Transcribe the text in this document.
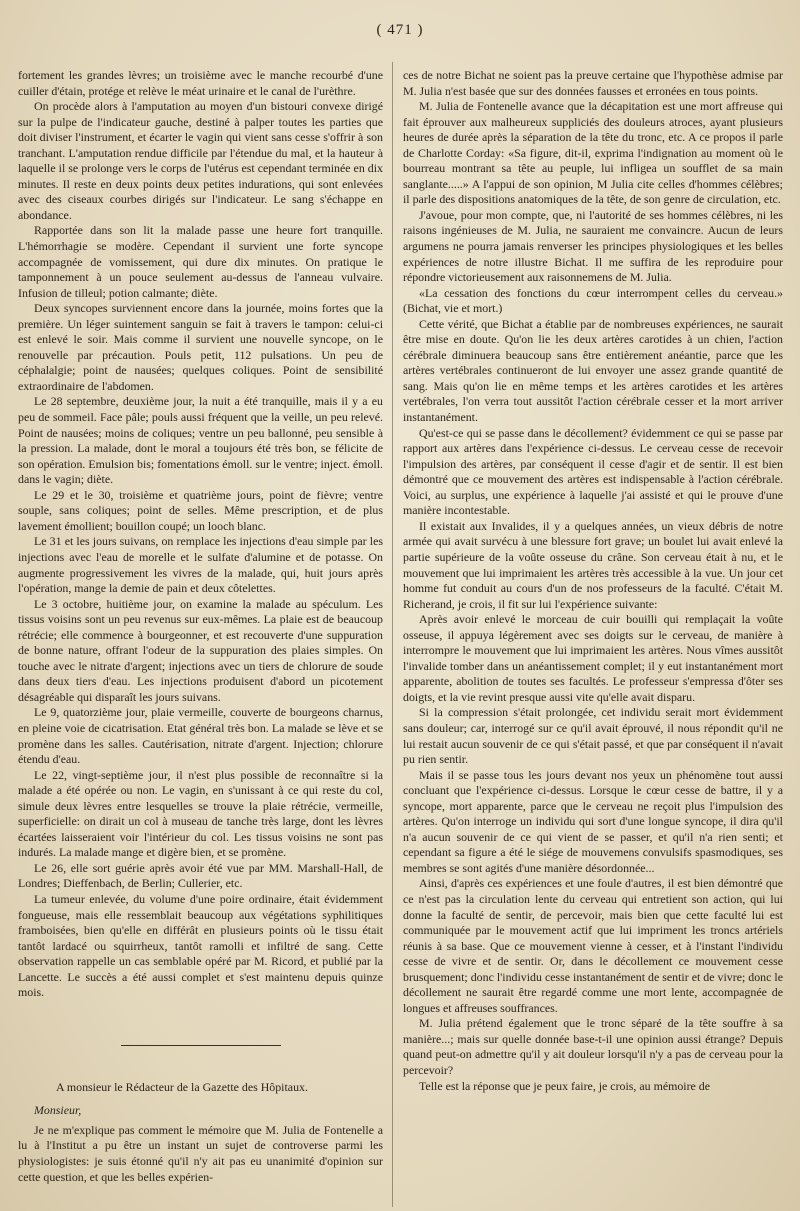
( 471 )

fortement les grandes lèvres; un troisième avec le manche recourbé d'une cuiller d'étain, protége et relève le méat urinaire et le canal de l'urèthre.

On procède alors à l'amputation au moyen d'un bistouri convexe dirigé sur la pulpe de l'indicateur gauche, destiné à palper toutes les parties que doit diviser l'instrument, et écarter le vagin qui vient sans cesse s'offrir à son tranchant. L'amputation rendue difficile par l'étendue du mal, et la hauteur à laquelle il se prolonge vers le corps de l'utérus est cependant terminée en dix minutes. Il reste en deux points deux petites indurations, qui sont enlevées avec des ciseaux courbes dirigés sur l'indicateur. Le sang s'échappe en abondance.

Rapportée dans son lit la malade passe une heure fort tranquille. L'hémorrhagie se modère. Cependant il survient une forte syncope accompagnée de vomissement, qui dure dix minutes. On pratique le tamponnement à un pouce seulement au-dessus de l'anneau vulvaire. Infusion de tilleul; potion calmante; diète.

Deux syncopes surviennent encore dans la journée, moins fortes que la première. Un léger suintement sanguin se fait à travers le tampon: celui-ci est enlevé le soir. Mais comme il survient une nouvelle syncope, on le renouvelle par précaution. Pouls petit, 112 pulsations. Un peu de céphalalgie; point de nausées; quelques coliques. Point de sensibilité extraordinaire de l'abdomen.

Le 28 septembre, deuxième jour, la nuit a été tranquille, mais il y a eu peu de sommeil. Face pâle; pouls aussi fréquent que la veille, un peu relevé. Point de nausées; moins de coliques; ventre un peu ballonné, peu sensible à la pression. La malade, dont le moral a toujours été très bon, se félicite de son opération. Emulsion bis; fomentations émoll. sur le ventre; inject. émoll. dans le vagin; diète.

Le 29 et le 30, troisième et quatrième jours, point de fièvre; ventre souple, sans coliques; point de selles. Même prescription, et de plus lavement émollient; bouillon coupé; un looch blanc.

Le 31 et les jours suivans, on remplace les injections d'eau simple par les injections avec l'eau de morelle et le sulfate d'alumine et de potasse. On augmente progressivement les vivres de la malade, qui, huit jours après l'opération, mange la demie de pain et deux côtelettes.

Le 3 octobre, huitième jour, on examine la malade au spéculum. Les tissus voisins sont un peu revenus sur eux-mêmes. La plaie est de beaucoup rétrécie; elle commence à bourgeonner, et est recouverte d'une suppuration de bonne nature, offrant l'odeur de la suppuration des plaies simples. On touche avec le nitrate d'argent; injections avec un tiers de chlorure de soude dans deux tiers d'eau. Les injections produisent d'abord un picotement désagréable qui disparaît les jours suivans.

Le 9, quatorzième jour, plaie vermeille, couverte de bourgeons charnus, en pleine voie de cicatrisation. Etat général très bon. La malade se lève et se promène dans les salles. Cautérisation, nitrate d'argent. Injection; chlorure étendu d'eau.

Le 22, vingt-septième jour, il n'est plus possible de reconnaître si la malade a été opérée ou non. Le vagin, en s'unissant à ce qui reste du col, simule deux lèvres entre lesquelles se trouve la plaie rétrécie, vermeille, superficielle: on dirait un col à museau de tanche très large, dont les lèvres écartées laisseraient voir l'intérieur du col. Les tissus voisins ne sont pas indurés. La malade mange et digère bien, et se promène.

Le 26, elle sort guérie après avoir été vue par MM. Marshall-Hall, de Londres; Dieffenbach, de Berlin; Cullerier, etc.

La tumeur enlevée, du volume d'une poire ordinaire, était évidemment fongueuse, mais elle ressemblait beaucoup aux végétations syphilitiques framboisées, bien qu'elle en différât en plusieurs points où le tissu était tantôt lardacé ou squirrheux, tantôt ramolli et infiltré de sang. Cette observation rappelle un cas semblable opéré par M. Ricord, et publié par la Lancette. Le succès a été aussi complet et s'est maintenu depuis quinze mois.

A monsieur le Rédacteur de la Gazette des Hôpitaux.

Monsieur,

Je ne m'explique pas comment le mémoire que M. Julia de Fontenelle a lu à l'Institut a pu être un instant un sujet de controverse parmi les physiologistes: je suis étonné qu'il n'y ait pas eu unanimité d'opinion sur cette question, et que les belles expérien-

ces de notre Bichat ne soient pas la preuve certaine que l'hypothèse admise par M. Julia n'est basée que sur des données fausses et erronées en tous points.

M. Julia de Fontenelle avance que la décapitation est une mort affreuse qui fait éprouver aux malheureux suppliciés des douleurs atroces, ayant plusieurs heures de durée après la séparation de la tête du tronc, etc. A ce propos il parle de Charlotte Corday: «Sa figure, dit-il, exprima l'indignation au moment où le bourreau montrant sa tête au peuple, lui infligea un soufflet de sa main sanglante.....» A l'appui de son opinion, M Julia cite celles d'hommes célèbres; il parle des dispositions anatomiques de la tête, de son genre de circulation, etc.

J'avoue, pour mon compte, que, ni l'autorité de ses hommes célèbres, ni les raisons ingénieuses de M. Julia, ne sauraient me convaincre. Aucun de leurs argumens ne pourra jamais renverser les principes physiologiques et les belles expériences de notre illustre Bichat. Il me suffira de les reproduire pour répondre victorieusement aux raisonnemens de M. Julia.

«La cessation des fonctions du cœur interrompent celles du cerveau.» (Bichat, vie et mort.)

Cette vérité, que Bichat a établie par de nombreuses expériences, ne saurait être mise en doute. Qu'on lie les deux artères carotides à un chien, l'action cérébrale diminuera beaucoup sans être entièrement anéantie, parce que les artères vertébrales continueront de lui envoyer une assez grande quantité de sang. Mais qu'on lie en même temps et les artères carotides et les artères vertébrales, l'on verra tout aussitôt l'action cérébrale cesser et la mort arriver instantanément.

Qu'est-ce qui se passe dans le décollement? évidemment ce qui se passe par rapport aux artères dans l'expérience ci-dessus. Le cerveau cesse de recevoir l'impulsion des artères, par conséquent il cesse d'agir et de sentir. Il est bien démontré que ce mouvement des artères est indispensable à l'action cérébrale. Voici, au surplus, une expérience à laquelle j'ai assisté et qui le prouve d'une manière incontestable.

Il existait aux Invalides, il y a quelques années, un vieux débris de notre armée qui avait survécu à une blessure fort grave; un boulet lui avait enlevé la partie supérieure de la voûte osseuse du crâne. Son cerveau était à nu, et le mouvement que lui imprimaient les artères très accessible à la vue. Un jour cet homme fut conduit au cours d'un de nos professeurs de la faculté. C'était M. Richerand, je crois, il fit sur lui l'expérience suivante:

Après avoir enlevé le morceau de cuir bouilli qui remplaçait la voûte osseuse, il appuya légèrement avec ses doigts sur le cerveau, de manière à interrompre le mouvement que lui imprimaient les artères. Nous vîmes aussitôt l'invalide tomber dans un anéantissement complet; il y eut instantanément mort apparente, abolition de toutes ses facultés. Le professeur s'empressa d'ôter ses doigts, et la vie revint presque aussi vite qu'elle avait disparu.

Si la compression s'était prolongée, cet individu serait mort évidemment sans douleur; car, interrogé sur ce qu'il avait éprouvé, il nous répondit qu'il ne lui restait aucun souvenir de ce qui s'était passé, et que par conséquent il n'avait pu rien sentir.

Mais il se passe tous les jours devant nos yeux un phénomène tout aussi concluant que l'expérience ci-dessus. Lorsque le cœur cesse de battre, il y a syncope, mort apparente, parce que le cerveau ne reçoit plus l'impulsion des artères. Qu'on interroge un individu qui sort d'une longue syncope, il dira qu'il n'a aucun souvenir de ce qui vient de se passer, et qu'il n'a rien senti; et cependant sa figure a été le siége de mouvemens convulsifs spasmodiques, ses membres se sont agités d'une manière désordonnée...

Ainsi, d'après ces expériences et une foule d'autres, il est bien démontré que ce n'est pas la circulation lente du cerveau qui entretient son action, qui lui donne la faculté de sentir, de percevoir, mais bien que cette faculté lui est communiquée par le mouvement actif que lui impriment les troncs artériels réunis à sa base. Que ce mouvement vienne à cesser, et à l'instant l'individu cesse de vivre et de sentir. Or, dans le décollement ce mouvement cesse brusquement; donc l'individu cesse instantanément de sentir et de vivre; donc le décollement ne saurait être regardé comme une mort lente, accompagnée de longues et affreuses souffrances.

M. Julia prétend également que le tronc séparé de la tête souffre à sa manière...; mais sur quelle donnée base-t-il une opinion aussi étrange? Depuis quand peut-on admettre qu'il y ait douleur lorsqu'il n'y a pas de cerveau pour la percevoir?

Telle est la réponse que je peux faire, je crois, au mémoire de
